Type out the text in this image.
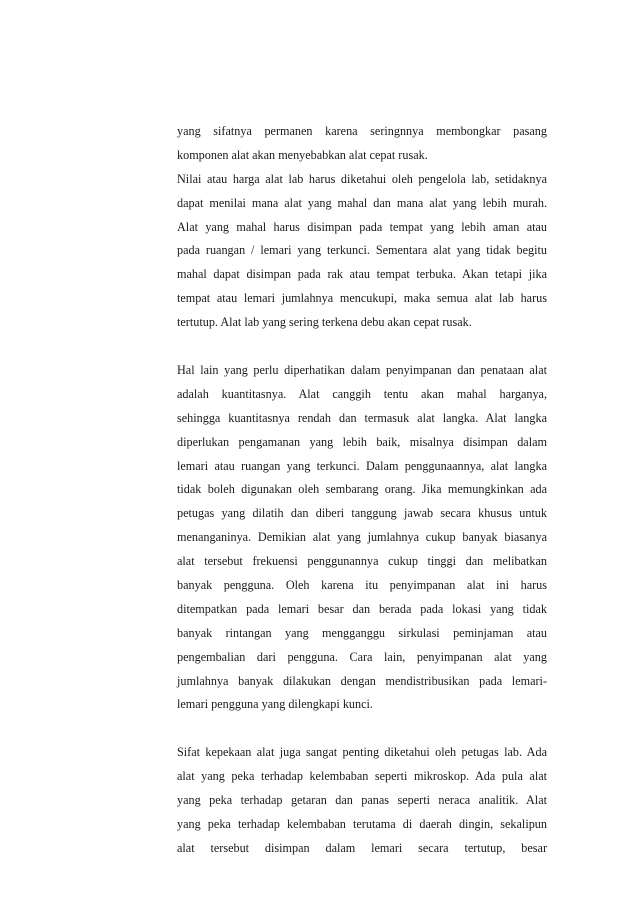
yang sifatnya permanen karena seringnnya membongkar pasang
komponen alat akan menyebabkan alat cepat rusak.
Nilai atau harga alat lab harus diketahui oleh pengelola lab, setidaknya
dapat menilai mana alat yang mahal dan mana alat yang lebih murah.
Alat yang mahal harus disimpan pada tempat yang lebih aman atau
pada ruangan / lemari yang terkunci. Sementara alat yang tidak begitu
mahal dapat disimpan pada rak atau tempat terbuka. Akan tetapi jika
tempat atau lemari jumlahnya mencukupi, maka semua alat lab harus
tertutup. Alat lab yang sering terkena debu akan cepat rusak.

Hal lain yang perlu diperhatikan dalam penyimpanan dan penataan alat
adalah kuantitasnya. Alat canggih tentu akan mahal harganya,
sehingga kuantitasnya rendah dan termasuk alat langka. Alat langka
diperlukan pengamanan yang lebih baik, misalnya disimpan dalam
lemari atau ruangan yang terkunci. Dalam penggunaannya, alat langka
tidak boleh digunakan oleh sembarang orang. Jika memungkinkan ada
petugas yang dilatih dan diberi tanggung jawab secara khusus untuk
menanganinya. Demikian alat yang jumlahnya cukup banyak biasanya
alat tersebut frekuensi penggunannya cukup tinggi dan melibatkan
banyak pengguna. Oleh karena itu penyimpanan alat ini harus
ditempatkan pada lemari besar dan berada pada lokasi yang tidak
banyak rintangan yang mengganggu sirkulasi peminjaman atau
pengembalian dari pengguna. Cara lain, penyimpanan alat yang
jumlahnya banyak dilakukan dengan mendistribusikan pada lemari-
lemari pengguna yang dilengkapi kunci.

Sifat kepekaan alat juga sangat penting diketahui oleh petugas lab. Ada
alat yang peka terhadap kelembaban seperti mikroskop. Ada pula alat
yang peka terhadap getaran dan panas seperti neraca analitik. Alat
yang peka terhadap kelembaban terutama di daerah dingin, sekalipun
alat tersebut disimpan dalam lemari secara tertutup, besar
